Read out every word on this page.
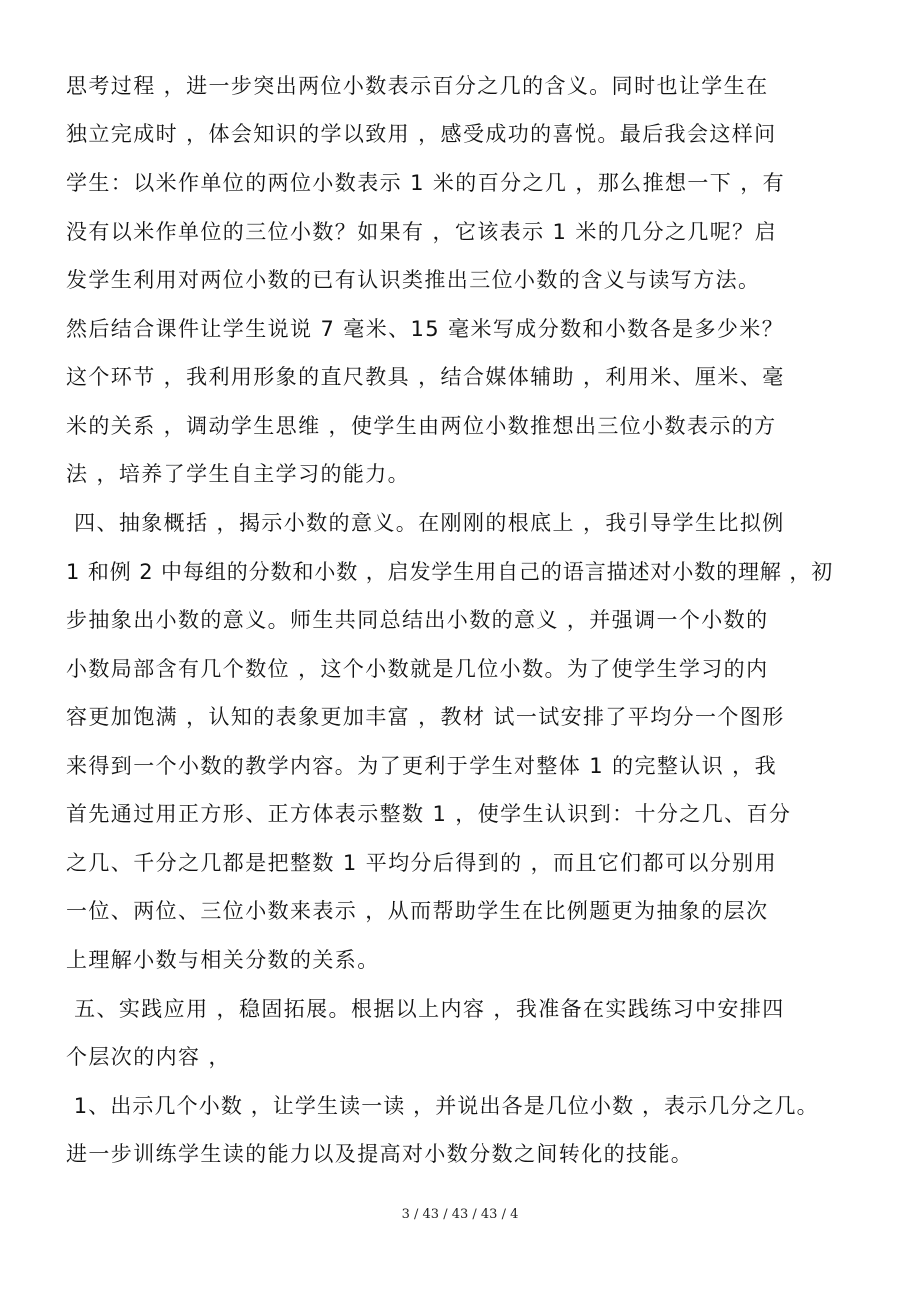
思考过程 ，进一步突出两位小数表示百分之几的含义。同时也让学生在
独立完成时 ，体会知识的学以致用 ，感受成功的喜悦。最后我会这样问
学生：以米作单位的两位小数表示 1 米的百分之几 ，那么推想一下 ，有
没有以米作单位的三位小数？如果有 ，它该表示 1 米的几分之几呢？启
发学生利用对两位小数的已有认识类推出三位小数的含义与读写方法。
然后结合课件让学生说说 7 毫米、15 毫米写成分数和小数各是多少米？
这个环节 ，我利用形象的直尺教具 ，结合媒体辅助 ，利用米、厘米、毫
米的关系 ，调动学生思维 ，使学生由两位小数推想出三位小数表示的方
法 ，培养了学生自主学习的能力。
四、抽象概括 ，揭示小数的意义。在刚刚的根底上 ，我引导学生比拟例
1 和例 2 中每组的分数和小数 ，启发学生用自己的语言描述对小数的理解 ，初
步抽象出小数的意义。师生共同总结出小数的意义 ，并强调一个小数的
小数局部含有几个数位 ，这个小数就是几位小数。为了使学生学习的内
容更加饱满 ，认知的表象更加丰富 ，教材 试一试安排了平均分一个图形
来得到一个小数的教学内容。为了更利于学生对整体 1 的完整认识 ，我
首先通过用正方形、正方体表示整数 1 ，使学生认识到：十分之几、百分
之几、千分之几都是把整数 1 平均分后得到的 ，而且它们都可以分别用
一位、两位、三位小数来表示 ，从而帮助学生在比例题更为抽象的层次
上理解小数与相关分数的关系。
五、实践应用 ，稳固拓展。根据以上内容 ，我准备在实践练习中安排四
个层次的内容 ，
1、出示几个小数 ，让学生读一读 ，并说出各是几位小数 ，表示几分之几。
进一步训练学生读的能力以及提高对小数分数之间转化的技能。
3 / 43 / 43 / 43 / 4
